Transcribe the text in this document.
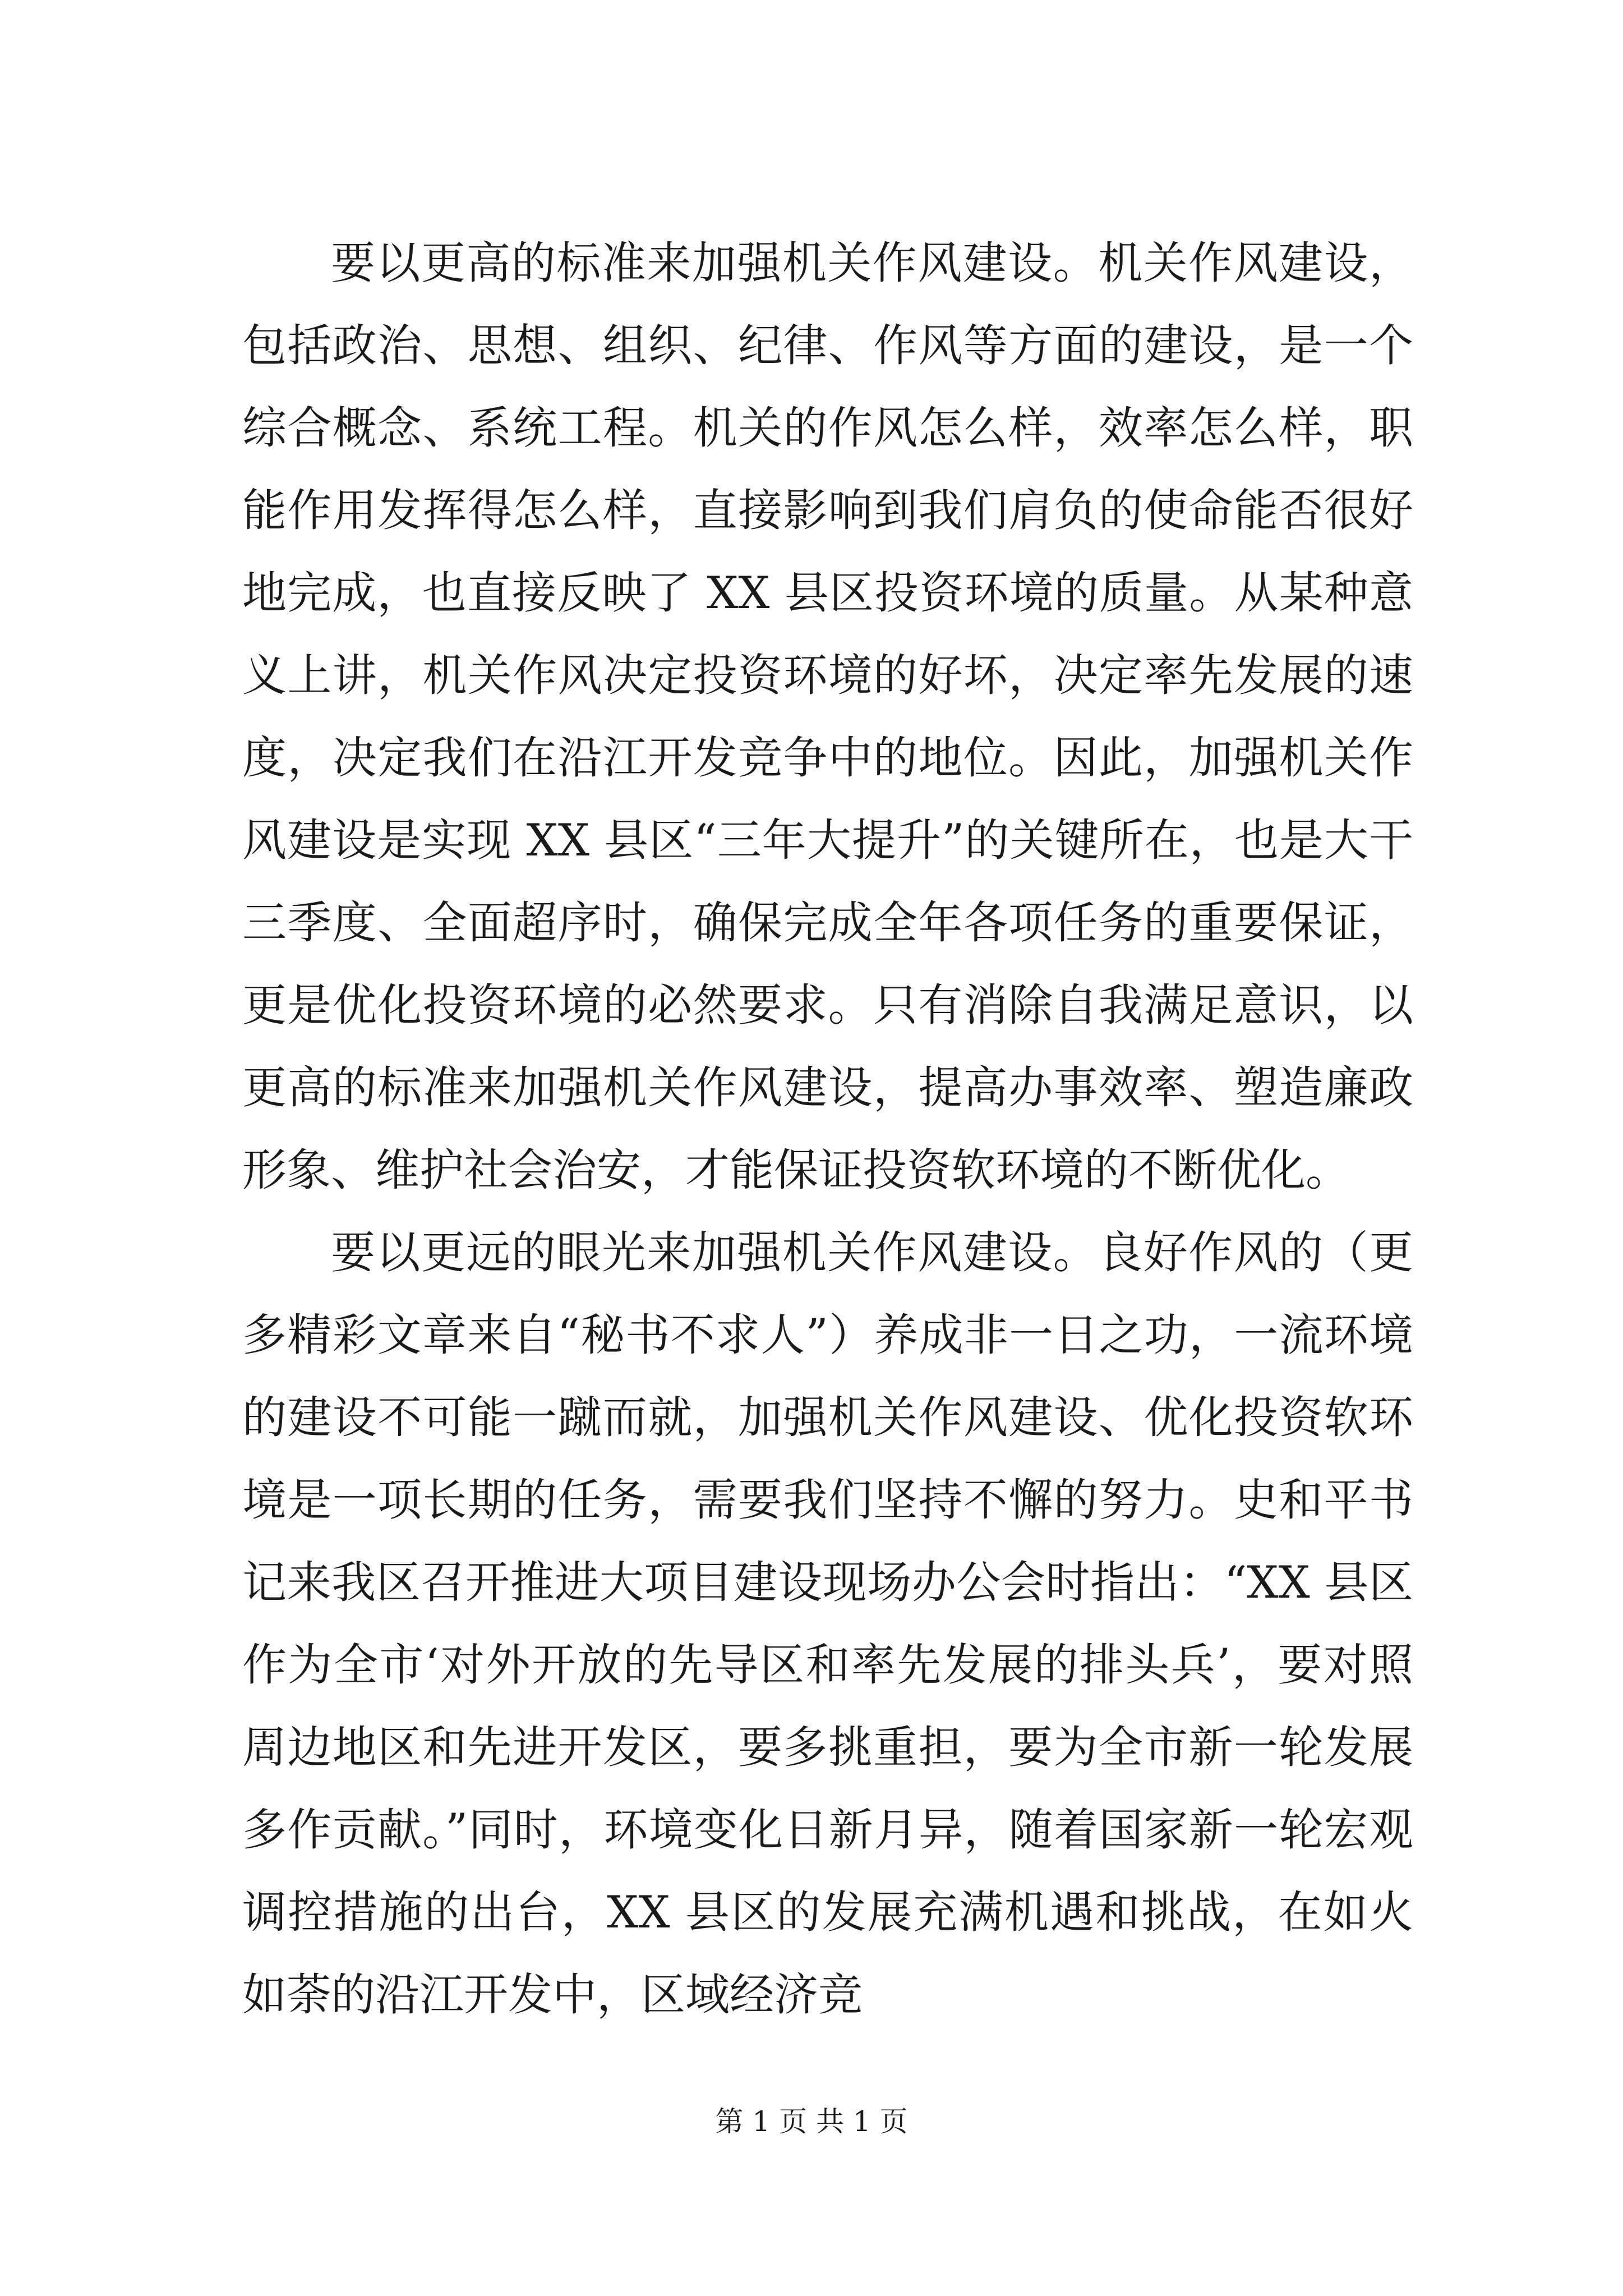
要以更高的标准来加强机关作风建设。机关作风建设，包括政治、思想、组织、纪律、作风等方面的建设，是一个综合概念、系统工程。机关的作风怎么样，效率怎么样，职能作用发挥得怎么样，直接影响到我们肩负的使命能否很好地完成，也直接反映了 XX 县区投资环境的质量。从某种意义上讲，机关作风决定投资环境的好坏，决定率先发展的速度，决定我们在沿江开发竞争中的地位。因此，加强机关作风建设是实现 XX 县区“三年大提升”的关键所在，也是大干三季度、全面超序时，确保完成全年各项任务的重要保证，更是优化投资环境的必然要求。只有消除自我满足意识，以更高的标准来加强机关作风建设，提高办事效率、塑造廉政形象、维护社会治安，才能保证投资软环境的不断优化。

要以更远的眼光来加强机关作风建设。良好作风的（更多精彩文章来自“秘书不求人”）养成非一日之功，一流环境的建设不可能一蹴而就，加强机关作风建设、优化投资软环境是一项长期的任务，需要我们坚持不懈的努力。史和平书记来我区召开推进大项目建设现场办公会时指出：“XX 县区作为全市‘对外开放的先导区和率先发展的排头兵’，要对照周边地区和先进开发区，要多挑重担，要为全市新一轮发展多作贡献。”同时，环境变化日新月异，随着国家新一轮宏观调控措施的出台，XX 县区的发展充满机遇和挑战，在如火如荼的沿江开发中，区域经济竞

第 1 页 共 1 页
